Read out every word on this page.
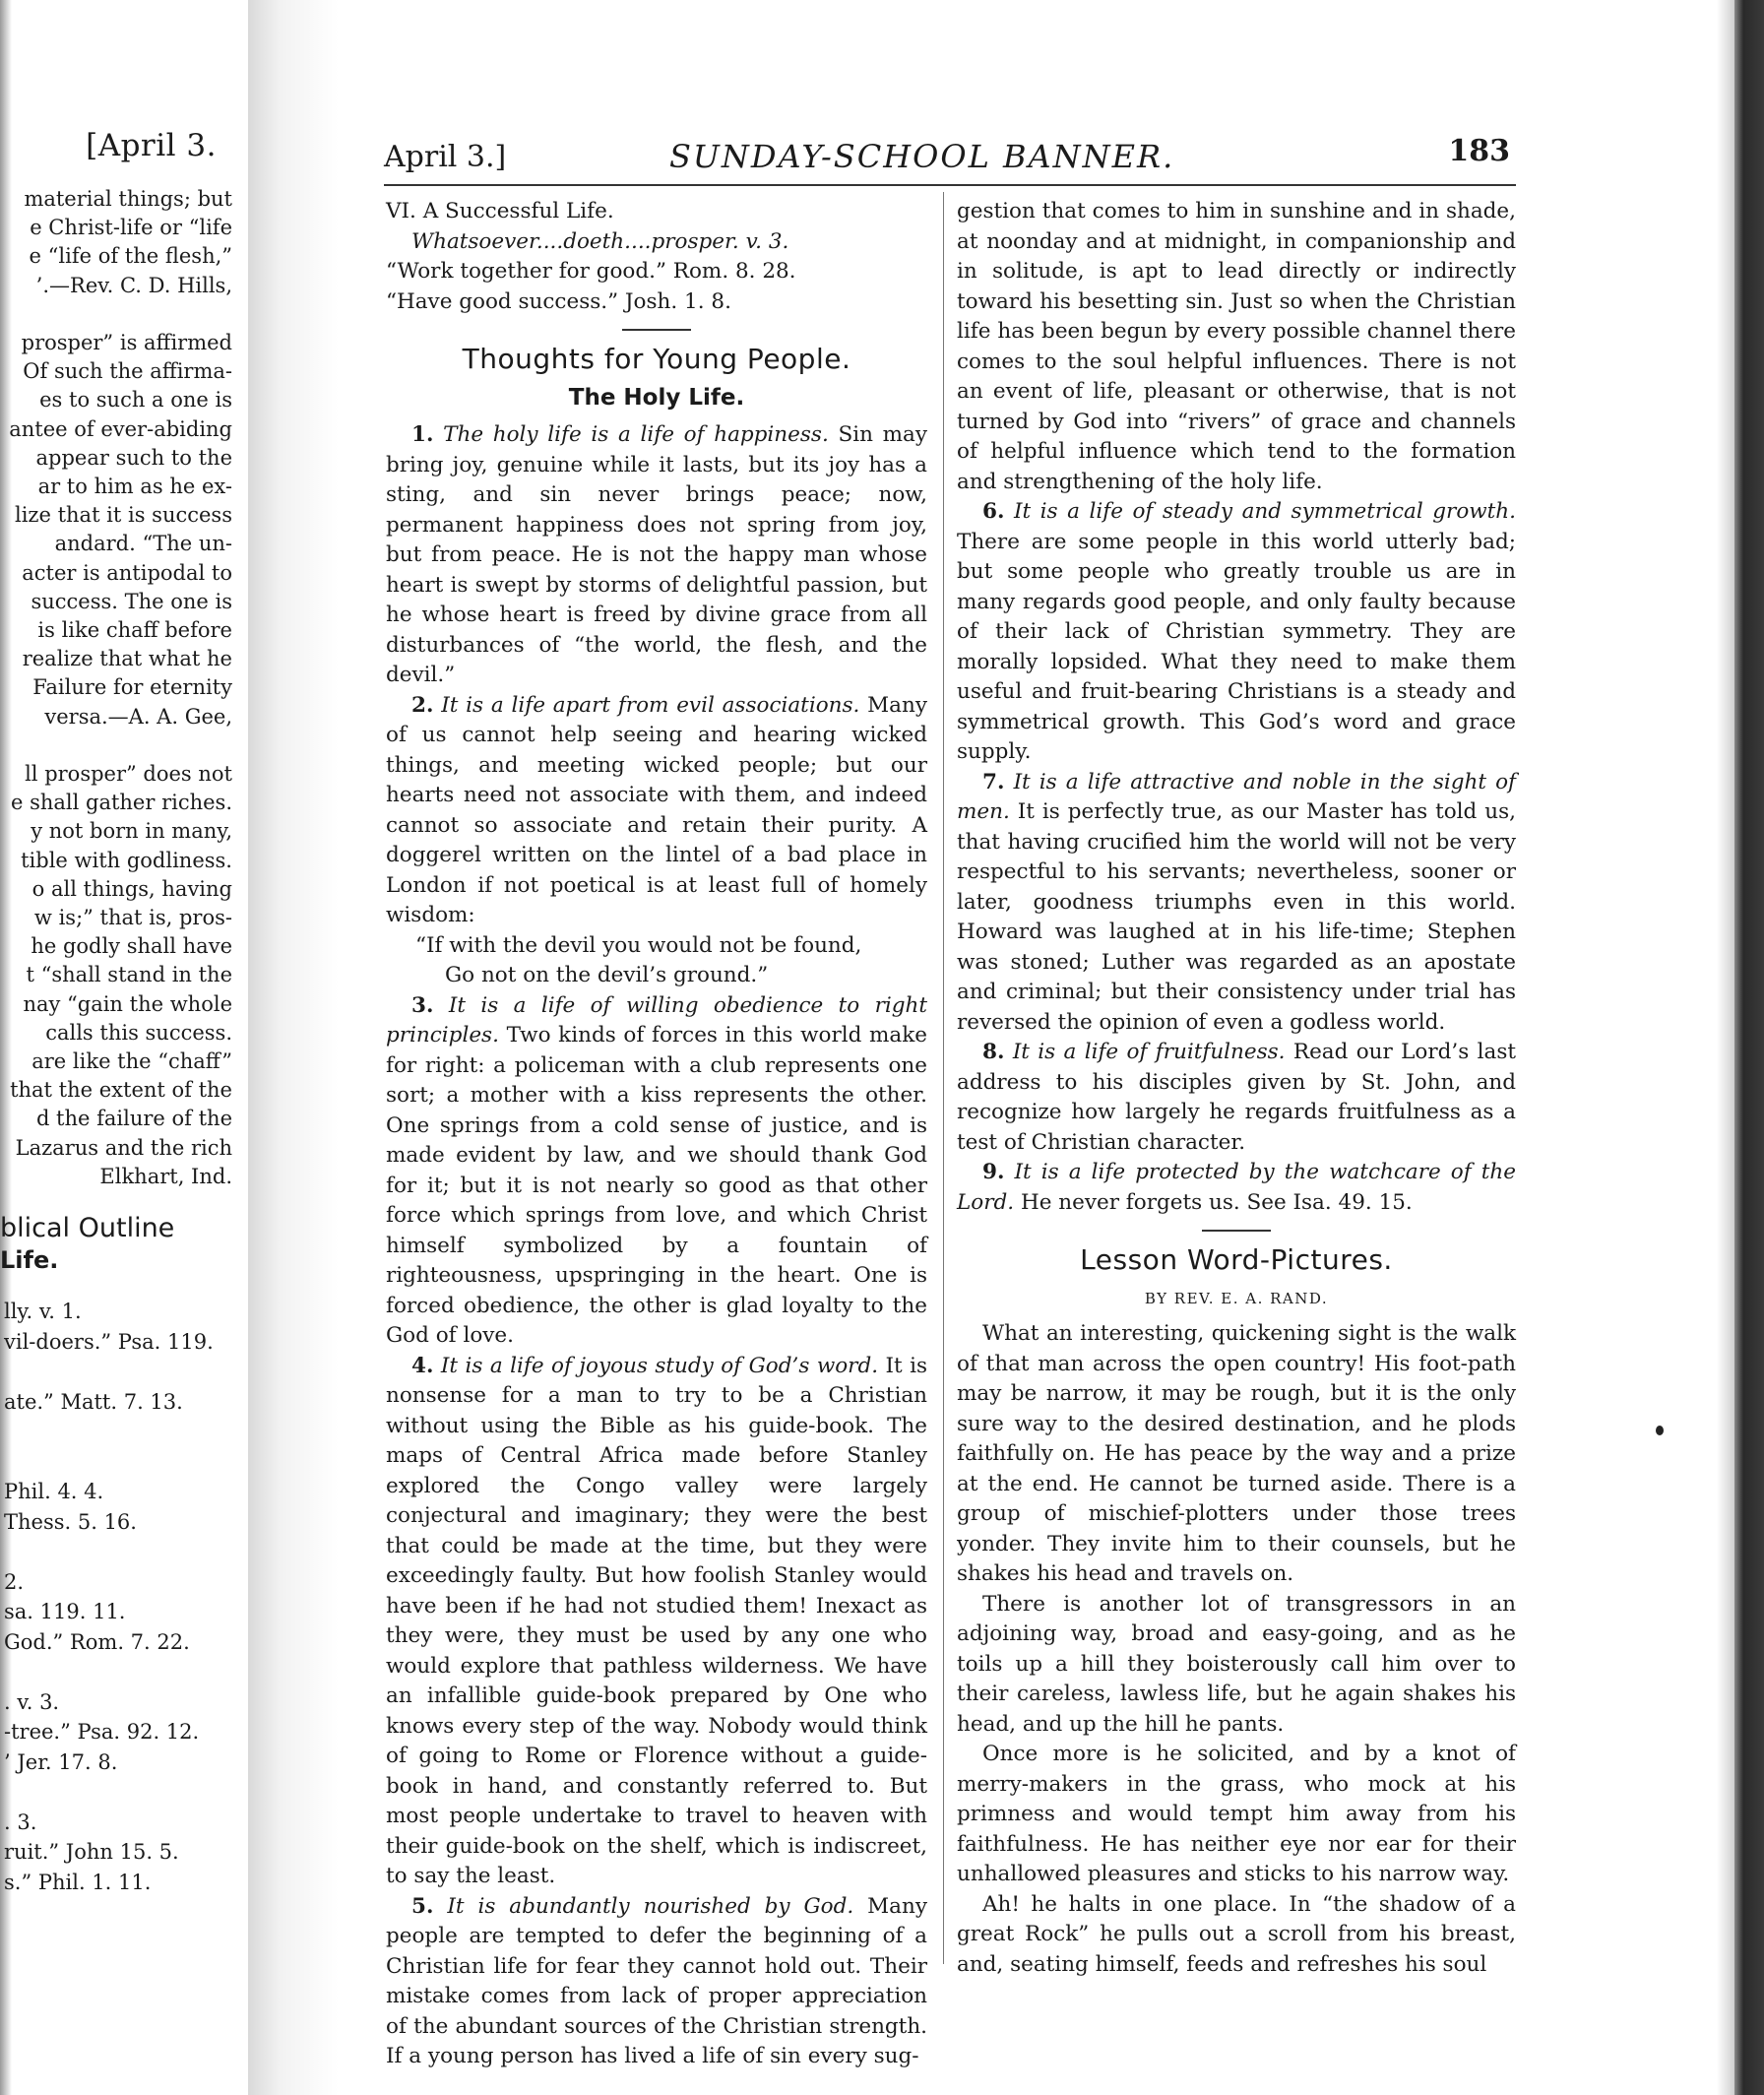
[April 3.
material things; but
e Christ-life or “life
e “life of the flesh,”
’.—Rev. C. D. Hills,
prosper” is affirmed
Of such the affirma-
es to such a one is
antee of ever-abiding
appear such to the
ar to him as he ex-
lize that it is success
andard. “The un-
acter is antipodal to
success. The one is
is like chaff before
realize that what he
Failure for eternity
versa.—A. A. Gee,
ll prosper” does not
e shall gather riches.
y not born in many,
tible with godliness.
o all things, having
w is;” that is, pros-
he godly shall have
t “shall stand in the
nay “gain the whole
calls this success.
are like the “chaff”
that the extent of the
d the failure of the
Lazarus and the rich
Elkhart, Ind.
blical Outline
Life.
lly. v. 1.
vil-doers.” Psa. 119.
ate.” Matt. 7. 13.
Phil. 4. 4.
Thess. 5. 16.
2.
sa. 119. 11.
God.” Rom. 7. 22.
. v. 3.
-tree.” Psa. 92. 12.
’ Jer. 17. 8.
. 3.
ruit.” John 15. 5.
s.” Phil. 1. 11.
April 3.]	SUNDAY-SCHOOL BANNER.	183

VI. A Successful Life.

Whatsoever....doeth....prosper. v. 3.

“Work together for good.” Rom. 8. 28.

“Have good success.” Josh. 1. 8.

Thoughts for Young People.
The Holy Life.

1. The holy life is a life of happiness. Sin may bring joy, genuine while it lasts, but its joy has a sting, and sin never brings peace; now, permanent happiness does not spring from joy, but from peace. He is not the happy man whose heart is swept by storms of delightful passion, but he whose heart is freed by divine grace from all disturbances of “the world, the flesh, and the devil.”

2. It is a life apart from evil associations. Many of us cannot help seeing and hearing wicked things, and meeting wicked people; but our hearts need not associate with them, and indeed cannot so associate and retain their purity. A doggerel written on the lintel of a bad place in London if not poetical is at least full of homely wisdom:

“If with the devil you would not be found,

Go not on the devil’s ground.”

3. It is a life of willing obedience to right principles. Two kinds of forces in this world make for right: a policeman with a club represents one sort; a mother with a kiss represents the other. One springs from a cold sense of justice, and is made evident by law, and we should thank God for it; but it is not nearly so good as that other force which springs from love, and which Christ himself symbolized by a fountain of righteousness, upspringing in the heart. One is forced obedience, the other is glad loyalty to the God of love.

4. It is a life of joyous study of God’s word. It is nonsense for a man to try to be a Christian without using the Bible as his guide-book. The maps of Central Africa made before Stanley explored the Congo valley were largely conjectural and imaginary; they were the best that could be made at the time, but they were exceedingly faulty. But how foolish Stanley would have been if he had not studied them! Inexact as they were, they must be used by any one who would explore that pathless wilderness. We have an infallible guide-book prepared by One who knows every step of the way. Nobody would think of going to Rome or Florence without a guide-book in hand, and constantly referred to. But most people undertake to travel to heaven with their guide-book on the shelf, which is indiscreet, to say the least.

5. It is abundantly nourished by God. Many people are tempted to defer the beginning of a Christian life for fear they cannot hold out. Their mistake comes from lack of proper appreciation of the abundant sources of the Christian strength. If a young person has lived a life of sin every sug-

gestion that comes to him in sunshine and in shade, at noonday and at midnight, in companionship and in solitude, is apt to lead directly or indirectly toward his besetting sin. Just so when the Christian life has been begun by every possible channel there comes to the soul helpful influences. There is not an event of life, pleasant or otherwise, that is not turned by God into “rivers” of grace and channels of helpful influence which tend to the formation and strengthening of the holy life.

6. It is a life of steady and symmetrical growth. There are some people in this world utterly bad; but some people who greatly trouble us are in many regards good people, and only faulty because of their lack of Christian symmetry. They are morally lopsided. What they need to make them useful and fruit-bearing Christians is a steady and symmetrical growth. This God’s word and grace supply.

7. It is a life attractive and noble in the sight of men. It is perfectly true, as our Master has told us, that having crucified him the world will not be very respectful to his servants; nevertheless, sooner or later, goodness triumphs even in this world. Howard was laughed at in his life-time; Stephen was stoned; Luther was regarded as an apostate and criminal; but their consistency under trial has reversed the opinion of even a godless world.

8. It is a life of fruitfulness. Read our Lord’s last address to his disciples given by St. John, and recognize how largely he regards fruitfulness as a test of Christian character.

9. It is a life protected by the watchcare of the Lord. He never forgets us. See Isa. 49. 15.

Lesson Word-Pictures.
BY REV. E. A. RAND.

What an interesting, quickening sight is the walk of that man across the open country! His foot-path may be narrow, it may be rough, but it is the only sure way to the desired destination, and he plods faithfully on. He has peace by the way and a prize at the end. He cannot be turned aside. There is a group of mischief-plotters under those trees yonder. They invite him to their counsels, but he shakes his head and travels on.

There is another lot of transgressors in an adjoining way, broad and easy-going, and as he toils up a hill they boisterously call him over to their careless, lawless life, but he again shakes his head, and up the hill he pants.

Once more is he solicited, and by a knot of merry-makers in the grass, who mock at his primness and would tempt him away from his faithfulness. He has neither eye nor ear for their unhallowed pleasures and sticks to his narrow way.

Ah! he halts in one place. In “the shadow of a great Rock” he pulls out a scroll from his breast, and, seating himself, feeds and refreshes his soul
